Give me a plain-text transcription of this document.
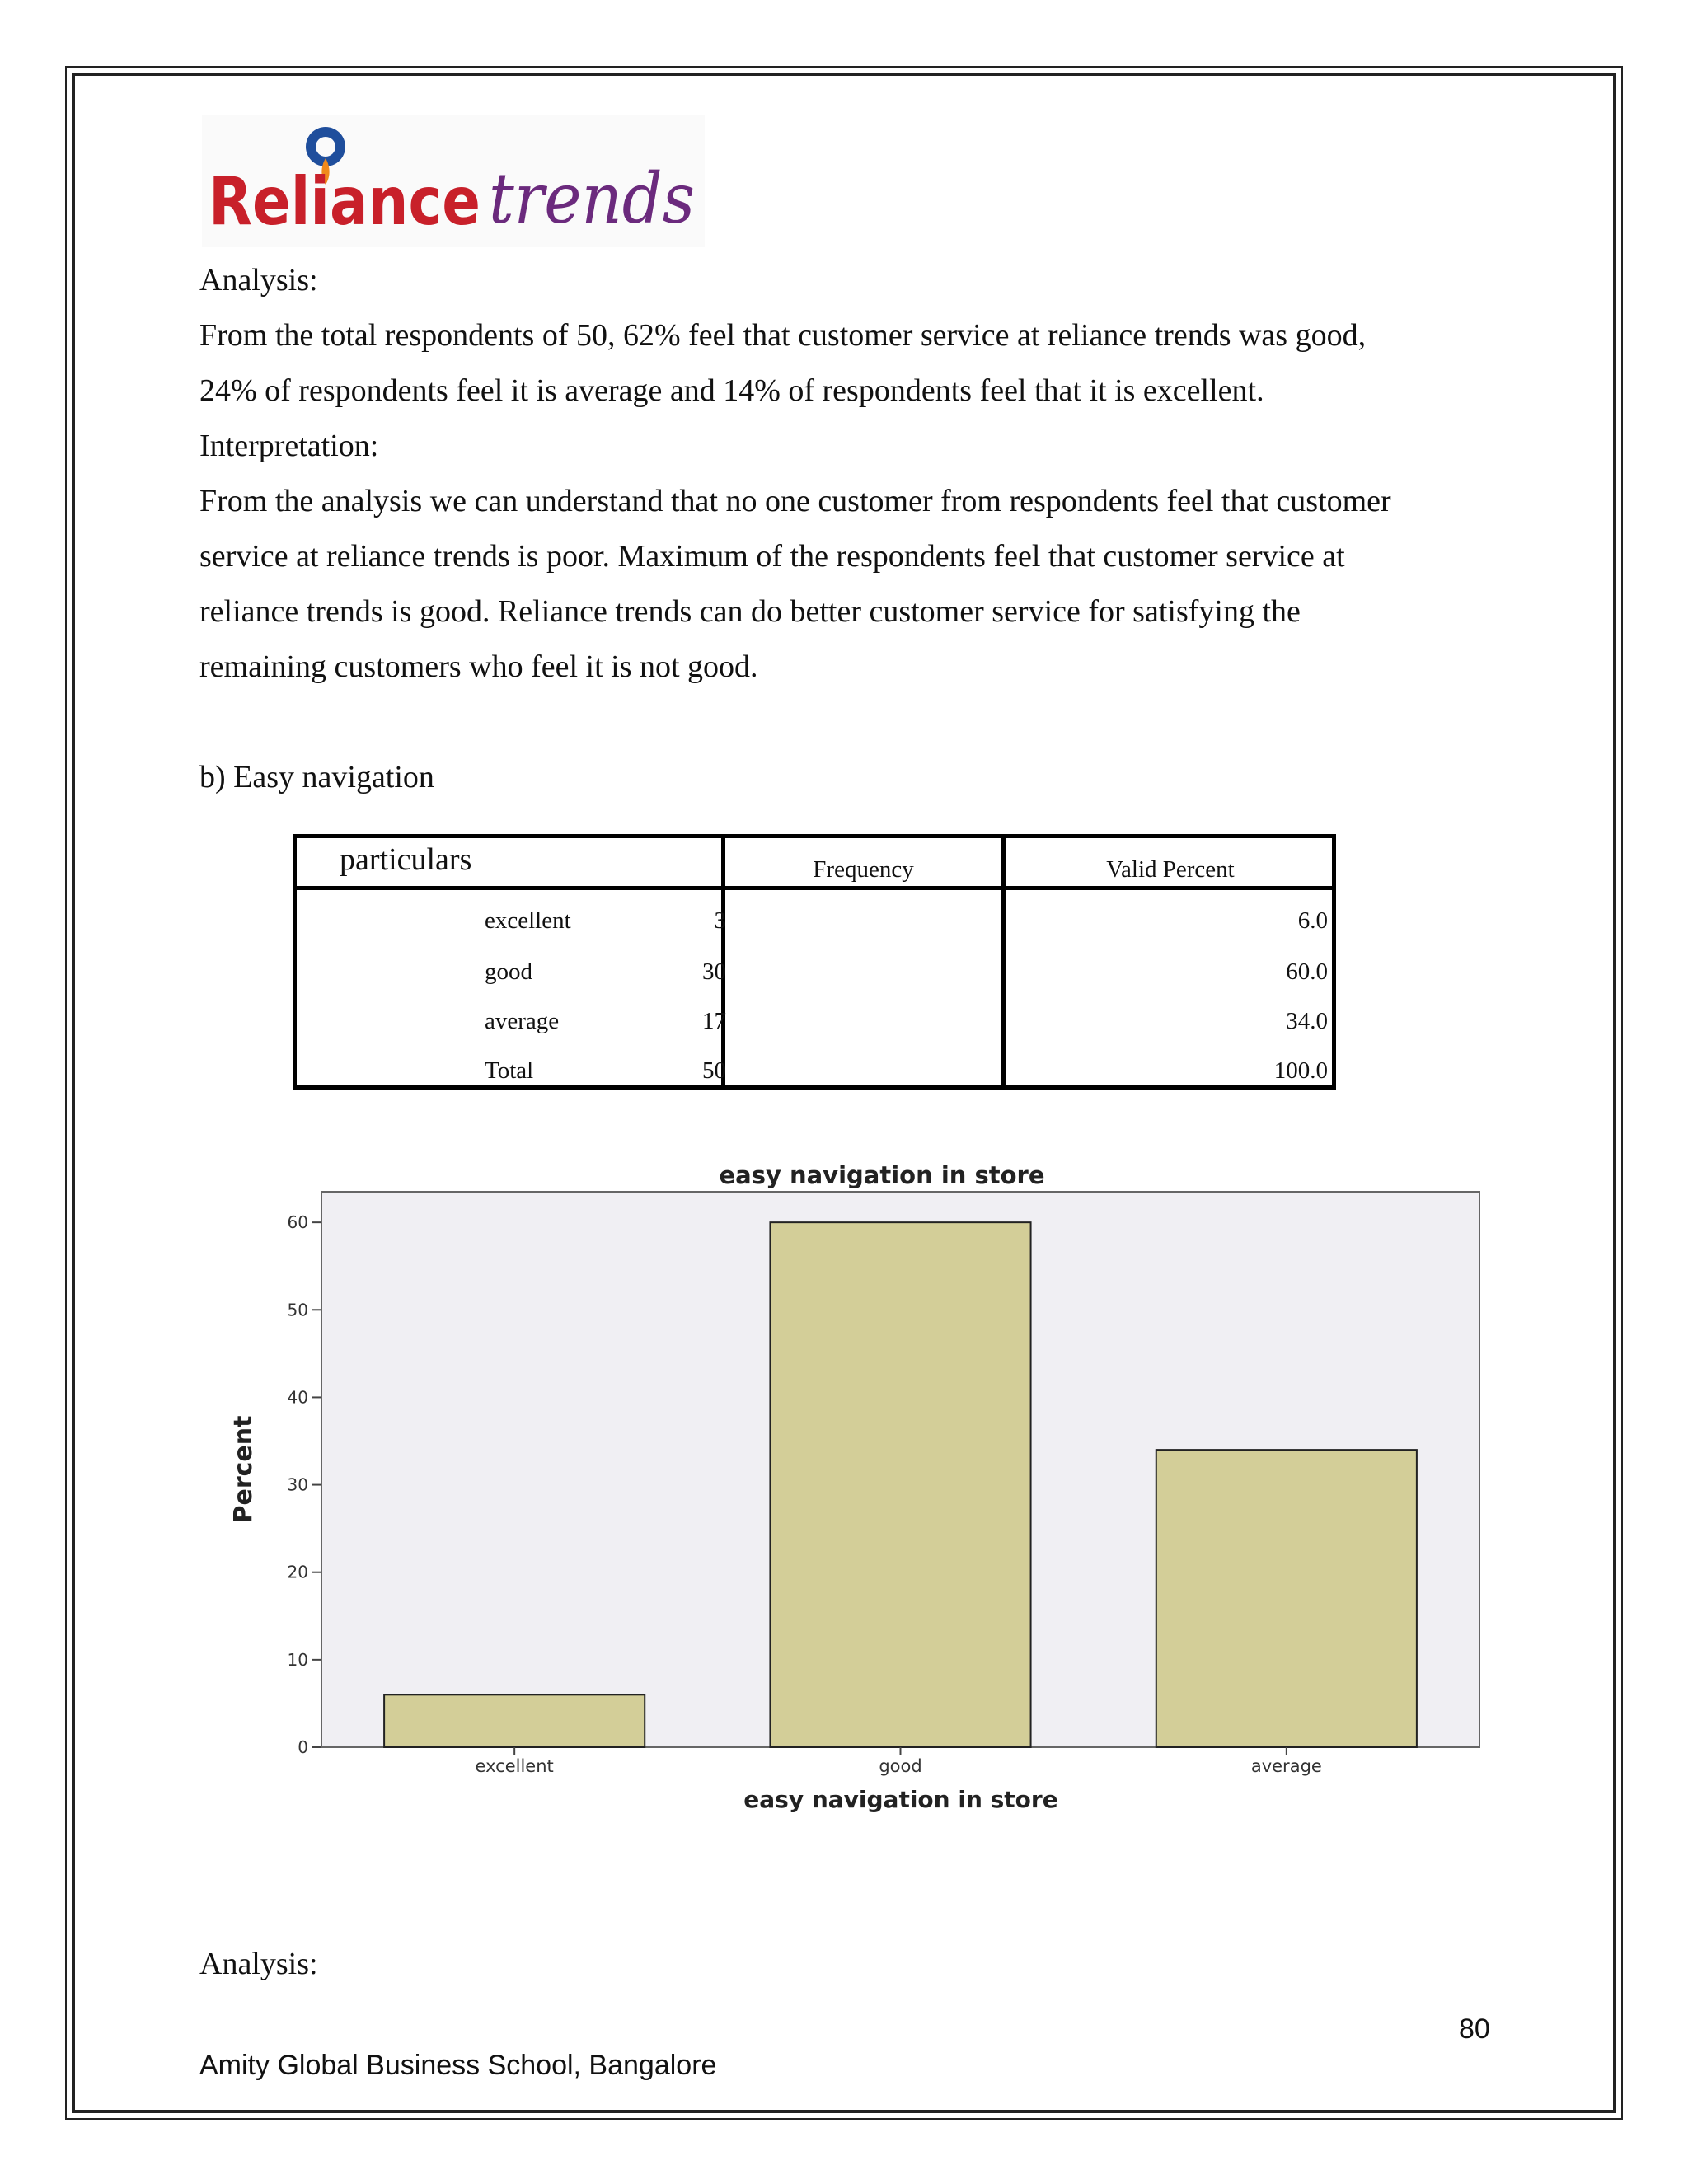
Reliance trends
Analysis:
From the total respondents of 50, 62% feel that customer service at reliance trends was good,
24% of respondents feel it is average and 14% of respondents feel that it is excellent.
Interpretation:
From the analysis we can understand that no one customer from respondents feel that customer
service at reliance trends is poor. Maximum of the respondents feel that customer service at
reliance trends is good. Reliance trends can do better customer service for satisfying the
remaining customers who feel it is not good.
b) Easy navigation
particulars	Frequency	Valid Percent
excellent	3	6.0
good	30	60.0
average	17	34.0
Total	50	100.0
0
10
20
30
40
50
60
excellent	good	average
easy navigation in store
easy navigation in store
Percent
Analysis:
80
Amity Global Business School, Bangalore
